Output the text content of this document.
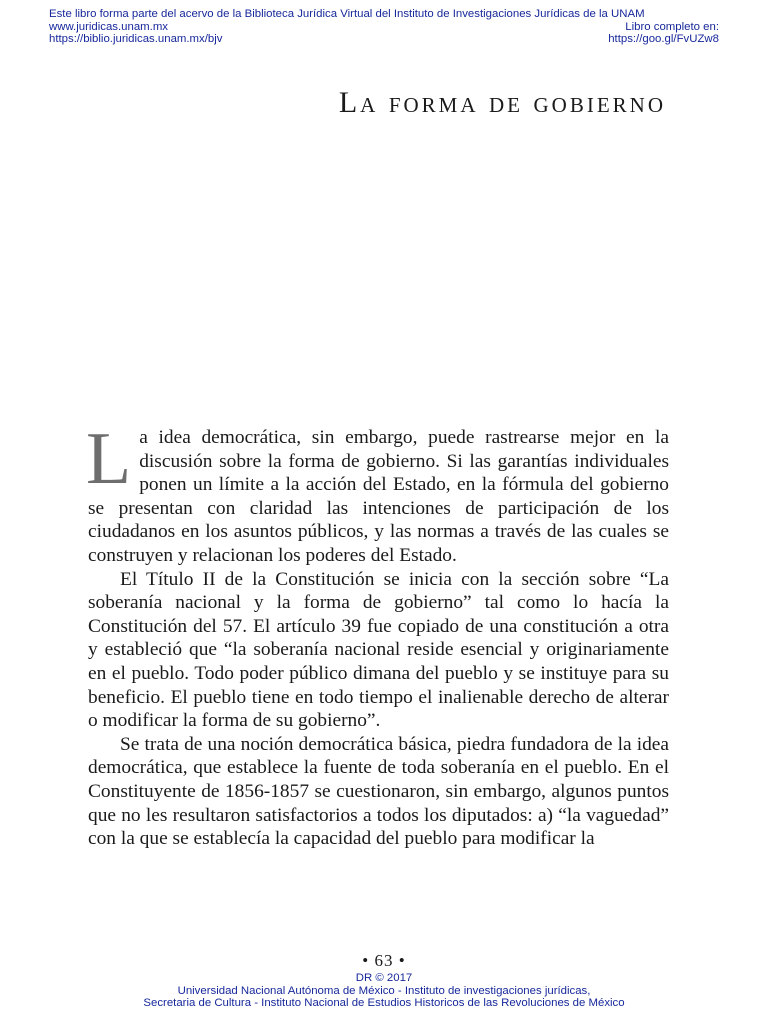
Este libro forma parte del acervo de la Biblioteca Jurídica Virtual del Instituto de Investigaciones Jurídicas de la UNAM
www.juridicas.unam.mx	Libro completo en:
https://biblio.juridicas.unam.mx/bjv	https://goo.gl/FvUZw8
La forma de gobierno

La idea democrática, sin embargo, puede rastrearse mejor en la discusión sobre la forma de gobierno. Si las garantías individuales ponen un límite a la acción del Estado, en la fórmula del gobierno se presentan con claridad las intenciones de participación de los ciudadanos en los asuntos públicos, y las normas a través de las cuales se construyen y relacionan los poderes del Estado.

El Título II de la Constitución se inicia con la sección sobre “La soberanía nacional y la forma de gobierno” tal como lo hacía la Constitución del 57. El artículo 39 fue copiado de una constitución a otra y estableció que “la soberanía nacional reside esencial y originariamente en el pueblo. Todo poder público dimana del pueblo y se instituye para su beneficio. El pueblo tiene en todo tiempo el inalienable derecho de alterar o modificar la forma de su gobierno”.

Se trata de una noción democrática básica, piedra fundadora de la idea democrática, que establece la fuente de toda soberanía en el pueblo. En el Constituyente de 1856-1857 se cuestionaron, sin embargo, algunos puntos que no les resultaron satisfactorios a todos los diputados: a) “la vaguedad” con la que se establecía la capacidad del pueblo para modificar la

• 63 •
DR © 2017
Universidad Nacional Autónoma de México - Instituto de investigaciones jurídicas,
Secretaria de Cultura - Instituto Nacional de Estudios Historicos de las Revoluciones de México
